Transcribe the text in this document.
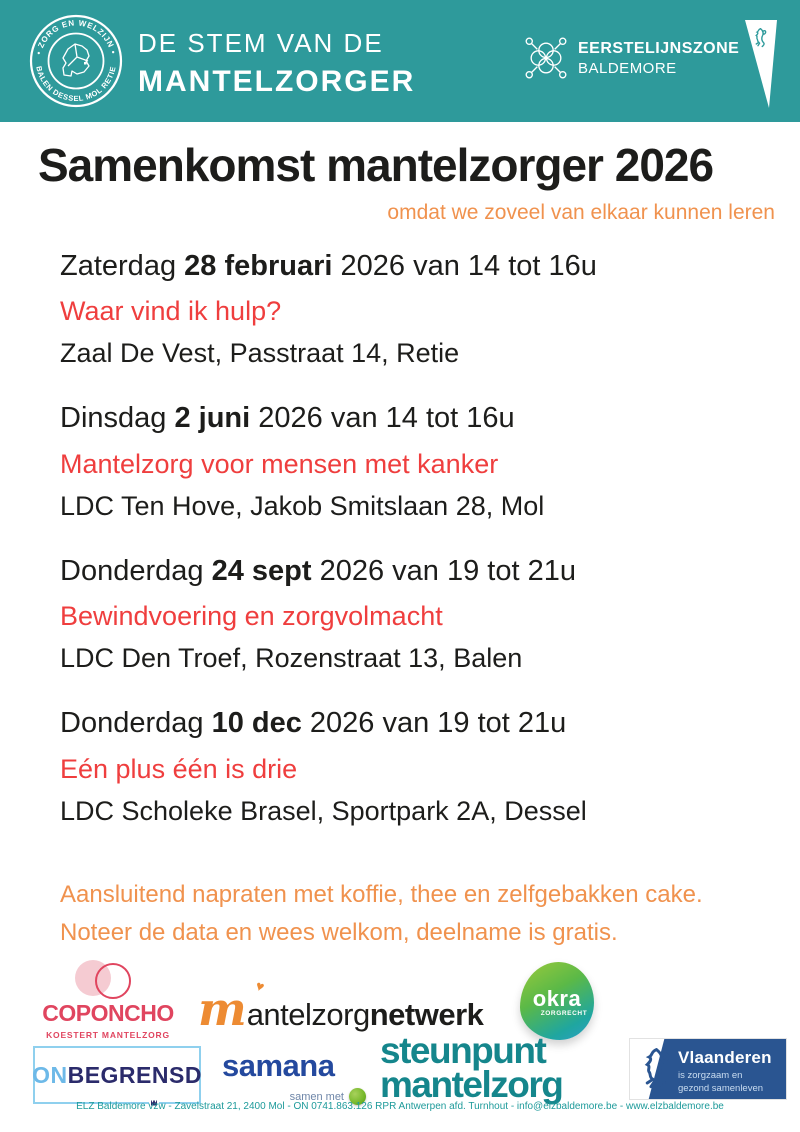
• ZORG EN WELZIJN •
BALEN DESSEL MOL RETIE
DE STEM VAN DE
MANTELZORGER
EERSTELIJNSZONE
BALDEMORE
Samenkomst mantelzorger 2026
omdat we zoveel van elkaar kunnen leren
Zaterdag 28 februari 2026 van 14 tot 16u
Waar vind ik hulp?
Zaal De Vest, Passtraat 14, Retie
Dinsdag 2 juni 2026 van 14 tot 16u
Mantelzorg voor mensen met kanker
LDC Ten Hove, Jakob Smitslaan 28, Mol
Donderdag 24 sept 2026 van 19 tot 21u
Bewindvoering en zorgvolmacht
LDC Den Troef, Rozenstraat 13, Balen
Donderdag 10 dec 2026 van 19 tot 21u
Eén plus één is drie
LDC Scholeke Brasel, Sportpark 2A, Dessel
Aansluitend napraten met koffie, thee en zelfgebakken cake.
Noteer de data en wees welkom, deelname is gratis.
COPONCHO
KOESTERT MANTELZORG
♥
mantelzorgnetwerk	okra
ZORGRECHT
ON BEGRENSD samana
samen met
steunpunt
mantelzorg
Vlaanderen
is zorgzaam en
gezond samenleven
ELZ Baldemore vzw - Zavelstraat 21, 2400 Mol - ON 0741.863.126 RPR Antwerpen afd. Turnhout - info@elzbaldemore.be - www.elzbaldemore.be
